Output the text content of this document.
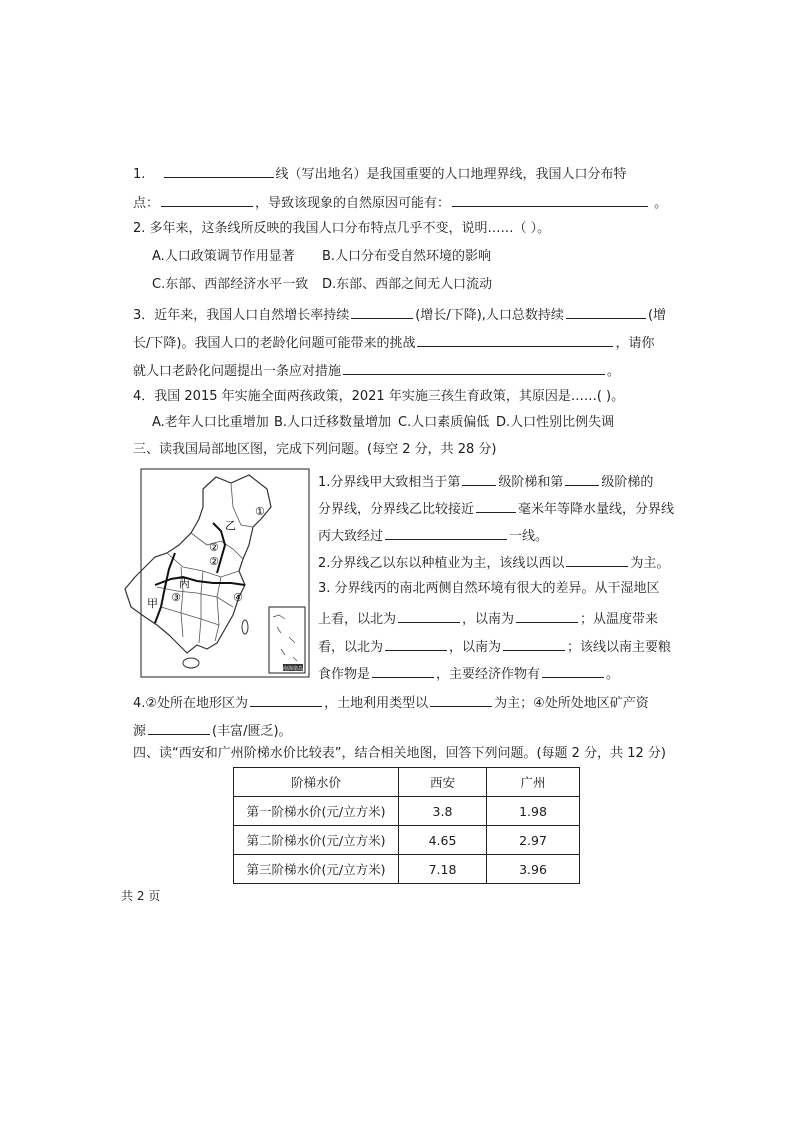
1.	线（写出地名）是我国重要的人口地理界线，我国人口分布特
点：	，导致该现象的自然原因可能有：	。
2. 多年来，这条线所反映的我国人口分布特点几乎不变，说明……（ ）。
A.人口政策调节作用显著 B.人口分布受自然环境的影响
C.东部、西部经济水平一致 D.东部、西部之间无人口流动
3．近年来，我国人口自然增长率持续	(增长/下降),人口总数持续	(增
长/下降)。我国人口的老龄化问题可能带来的挑战	，请你
就人口老龄化问题提出一条应对措施	。
4．我国 2015 年实施全面两孩政策，2021 年实施三孩生育政策，其原因是……( )。
A.老年人口比重增加 B.人口迁移数量增加 C.人口素质偏低 D.人口性别比例失调
三、读我国局部地区图，完成下列问题。(每空 2 分，共 28 分)
南海诸岛
乙
丙
甲
①
②
②
③	④
1.分界线甲大致相当于第	级阶梯和第	级阶梯的
分界线，分界线乙比较接近	毫米年等降水量线，分界线
丙大致经过	一线。
2.分界线乙以东以种植业为主，该线以西以	为主。
3. 分界线丙的南北两侧自然环境有很大的差异。从干湿地区
上看，以北为	，以南为	；从温度带来
看，以北为	，以南为	；该线以南主要粮
食作物是	，主要经济作物有	。
4.②处所在地形区为	，土地利用类型以	为主；④处所处地区矿产资
源	(丰富/匮乏)。
四、读“西安和广州阶梯水价比较表”，结合相关地图，回答下列问题。(每题 2 分，共 12 分)
阶梯水价	西安	广州
第一阶梯水价(元/立方米)	3.8	1.98
第二阶梯水价(元/立方米)	4.65	2.97
第三阶梯水价(元/立方米)	7.18	3.96
共 2 页
